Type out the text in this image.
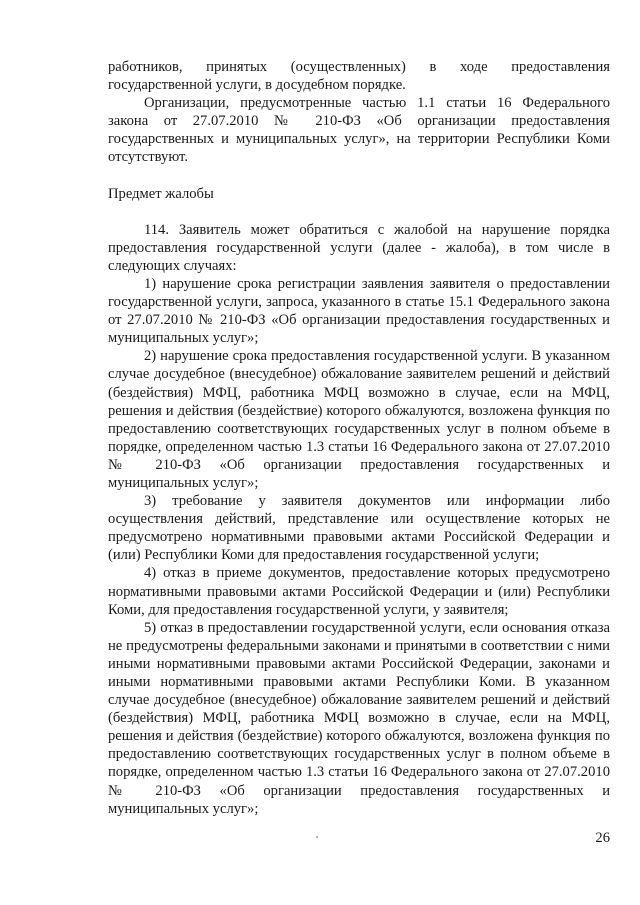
работников, принятых (осуществленных) в ходе предоставления государственной услуги, в досудебном порядке.

Организации, предусмотренные частью 1.1 статьи 16 Федерального закона от 27.07.2010 № 210-ФЗ «Об организации предоставления государственных и муниципальных услуг», на территории Республики Коми отсутствуют.

Предмет жалобы

114. Заявитель может обратиться с жалобой на нарушение порядка предоставления государственной услуги (далее - жалоба), в том числе в следующих случаях:

1) нарушение срока регистрации заявления заявителя о предоставлении государственной услуги, запроса, указанного в статье 15.1 Федерального закона от 27.07.2010 № 210-ФЗ «Об организации предоставления государственных и муниципальных услуг»;

2) нарушение срока предоставления государственной услуги. В указанном случае досудебное (внесудебное) обжалование заявителем решений и действий (бездействия) МФЦ, работника МФЦ возможно в случае, если на МФЦ, решения и действия (бездействие) которого обжалуются, возложена функция по предоставлению соответствующих государственных услуг в полном объеме в порядке, определенном частью 1.3 статьи 16 Федерального закона от 27.07.2010 № 210-ФЗ «Об организации предоставления государственных и муниципальных услуг»;

3) требование у заявителя документов или информации либо осуществления действий, представление или осуществление которых не предусмотрено нормативными правовыми актами Российской Федерации и (или) Республики Коми для предоставления государственной услуги;

4) отказ в приеме документов, предоставление которых предусмотрено нормативными правовыми актами Российской Федерации и (или) Республики Коми, для предоставления государственной услуги, у заявителя;

5) отказ в предоставлении государственной услуги, если основания отказа не предусмотрены федеральными законами и принятыми в соответствии с ними иными нормативными правовыми актами Российской Федерации, законами и иными нормативными правовыми актами Республики Коми. В указанном случае досудебное (внесудебное) обжалование заявителем решений и действий (бездействия) МФЦ, работника МФЦ возможно в случае, если на МФЦ, решения и действия (бездействие) которого обжалуются, возложена функция по предоставлению соответствующих государственных услуг в полном объеме в порядке, определенном частью 1.3 статьи 16 Федерального закона от 27.07.2010 № 210-ФЗ «Об организации предоставления государственных и муниципальных услуг»;

26
